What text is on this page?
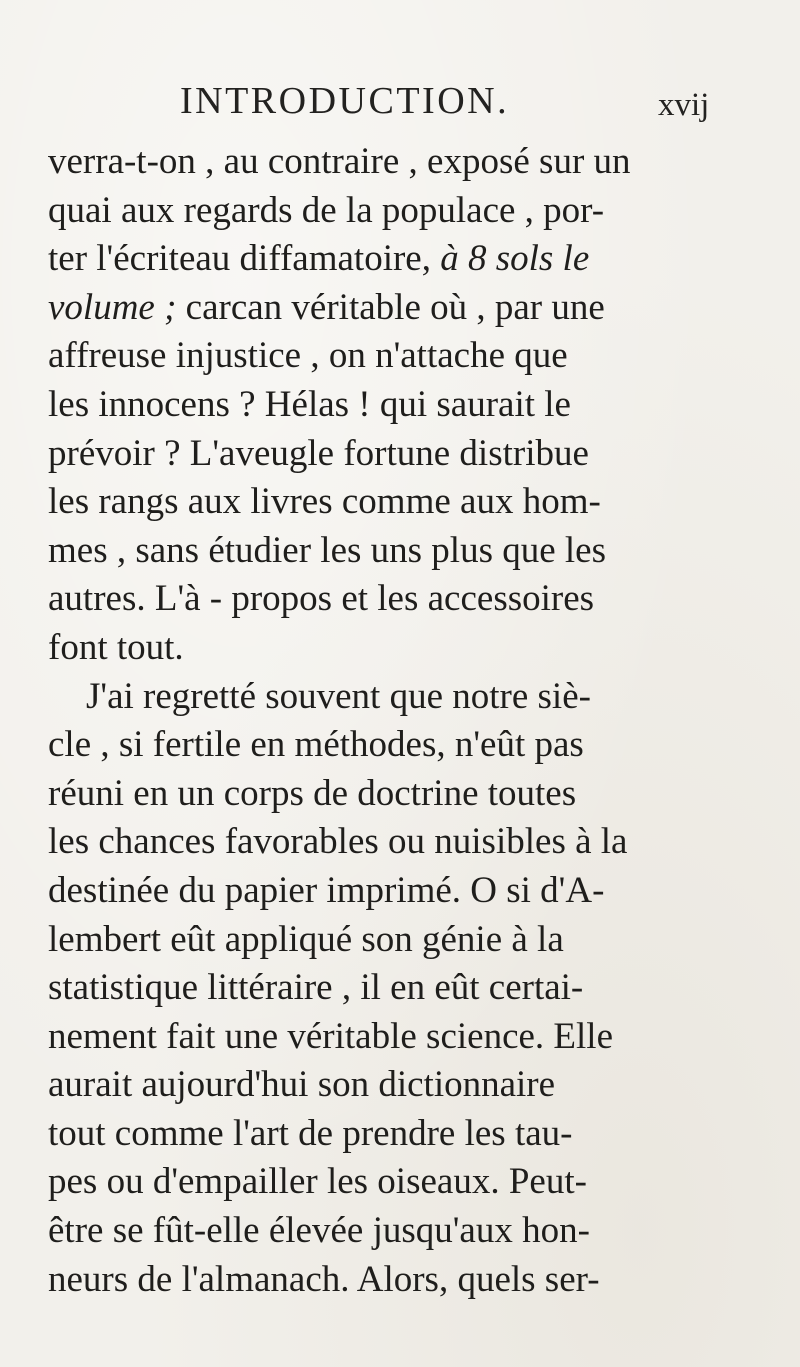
INTRODUCTION.	xvij
verra-t-on , au contraire , exposé sur un
quai aux regards de la populace , por-
ter l'écriteau diffamatoire, à 8 sols le
volume ; carcan véritable où , par une
affreuse injustice , on n'attache que
les innocens ? Hélas ! qui saurait le
prévoir ? L'aveugle fortune distribue
les rangs aux livres comme aux hom-
mes , sans étudier les uns plus que les
autres. L'à - propos et les accessoires
font tout.
J'ai regretté souvent que notre siè-
cle , si fertile en méthodes, n'eût pas
réuni en un corps de doctrine toutes
les chances favorables ou nuisibles à la
destinée du papier imprimé. O si d'A-
lembert eût appliqué son génie à la
statistique littéraire , il en eût certai-
nement fait une véritable science. Elle
aurait aujourd'hui son dictionnaire
tout comme l'art de prendre les tau-
pes ou d'empailler les oiseaux. Peut-
être se fût-elle élevée jusqu'aux hon-
neurs de l'almanach. Alors, quels ser-
